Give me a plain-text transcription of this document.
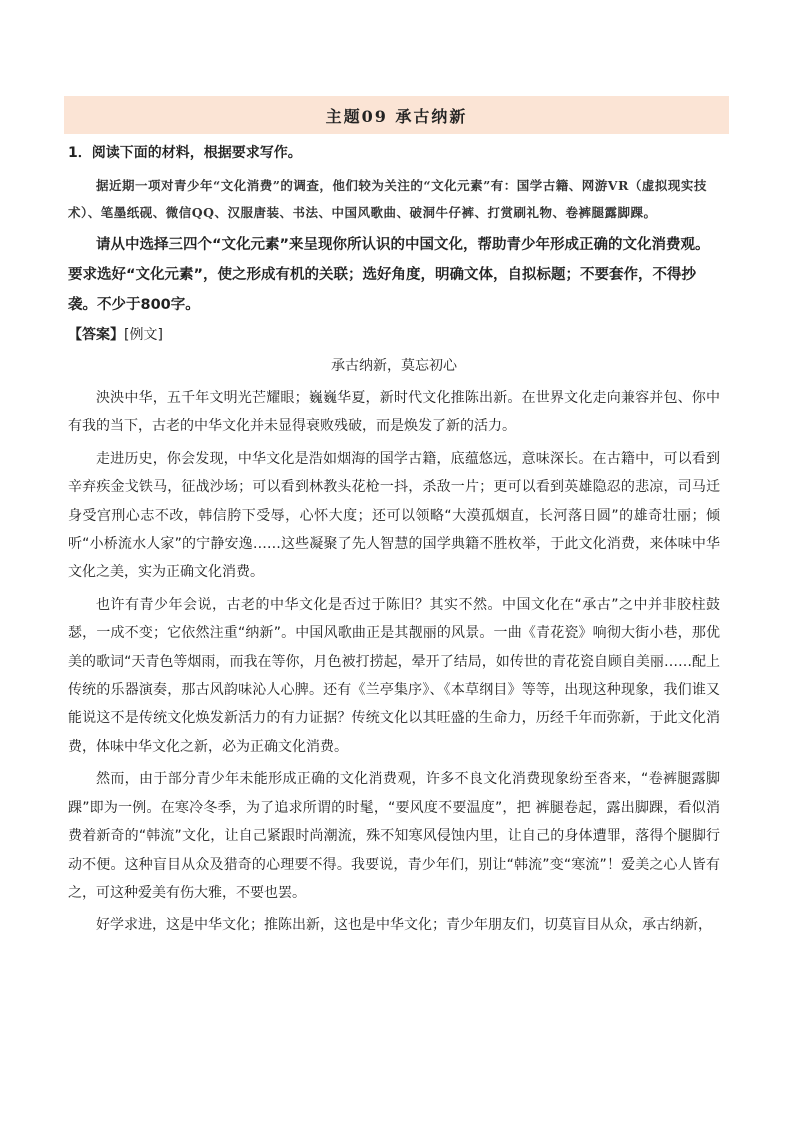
主题09 承古纳新

1．阅读下面的材料，根据要求写作。

据近期一项对青少年“文化消费”的调查，他们较为关注的“文化元素”有：国学古籍、网游VR（虚拟现实技术）、笔墨纸砚、微信QQ、汉服唐装、书法、中国风歌曲、破洞牛仔裤、打赏刷礼物、卷裤腿露脚踝。

请从中选择三四个“文化元素”来呈现你所认识的中国文化，帮助青少年形成正确的文化消费观。要求选好“文化元素”，使之形成有机的关联；选好角度，明确文体，自拟标题；不要套作，不得抄袭。不少于800字。

【答案】[例文]

承古纳新，莫忘初心

泱泱中华，五千年文明光芒耀眼；巍巍华夏，新时代文化推陈出新。在世界文化走向兼容并包、你中有我的当下，古老的中华文化并未显得衰败残破，而是焕发了新的活力。

走进历史，你会发现，中华文化是浩如烟海的国学古籍，底蕴悠远，意味深长。在古籍中，可以看到辛弃疾金戈铁马，征战沙场；可以看到林教头花枪一抖，杀敌一片；更可以看到英雄隐忍的悲凉，司马迁身受宫刑心志不改，韩信胯下受辱，心怀大度；还可以领略“大漠孤烟直，长河落日圆”的雄奇壮丽；倾听“小桥流水人家”的宁静安逸……这些凝聚了先人智慧的国学典籍不胜枚举，于此文化消费，来体味中华文化之美，实为正确文化消费。

也许有青少年会说，古老的中华文化是否过于陈旧？其实不然。中国文化在“承古”之中并非胶柱鼓瑟，一成不变；它依然注重“纳新”。中国风歌曲正是其靓丽的风景。一曲《青花瓷》响彻大街小巷，那优美的歌词“天青色等烟雨，而我在等你，月色被打捞起，晕开了结局，如传世的青花瓷自顾自美丽……配上传统的乐器演奏，那古风韵味沁人心脾。还有《兰亭集序》、《本草纲目》等等，出现这种现象，我们谁又能说这不是传统文化焕发新活力的有力证据？传统文化以其旺盛的生命力，历经千年而弥新，于此文化消费，体味中华文化之新，必为正确文化消费。

然而，由于部分青少年未能形成正确的文化消费观，许多不良文化消费现象纷至沓来，“卷裤腿露脚踝”即为一例。在寒冷冬季，为了追求所谓的时髦，“要风度不要温度”，把 裤腿卷起，露出脚踝，看似消费着新奇的“韩流”文化，让自己紧跟时尚潮流，殊不知寒风侵蚀内里，让自己的身体遭罪，落得个腿脚行动不便。这种盲目从众及猎奇的心理要不得。我要说，青少年们，别让“韩流”变“寒流”！爱美之心人皆有之，可这种爱美有伤大雅，不要也罢。

好学求进，这是中华文化；推陈出新，这也是中华文化；青少年朋友们，切莫盲目从众，承古纳新，
